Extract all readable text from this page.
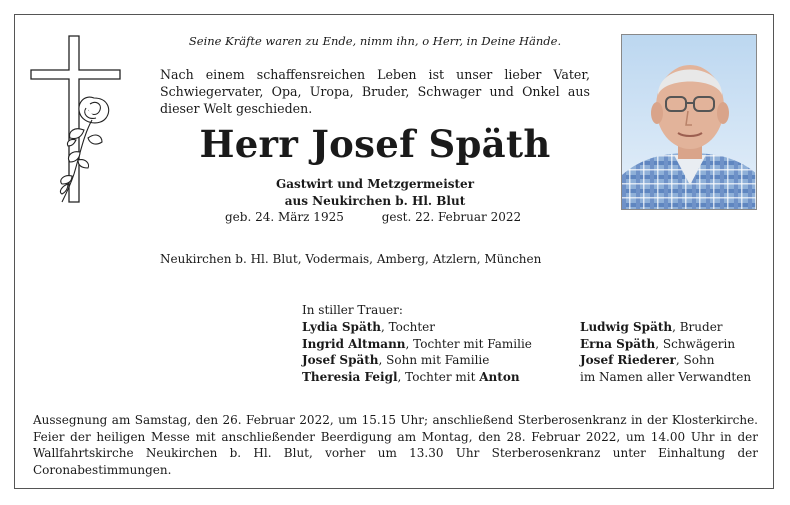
Seine Kräfte waren zu Ende, nimm ihn, o Herr, in Deine Hände.
Nach einem schaffensreichen Leben ist unser lieber Vater, Schwiegervater, Opa, Uropa, Bruder, Schwager und Onkel aus dieser Welt geschieden.
Herr Josef Späth
Gastwirt und Metzgermeister
aus Neukirchen b. Hl. Blut
geb. 24. März 1925	gest. 22. Februar 2022
Neukirchen b. Hl. Blut, Vodermais, Amberg, Atzlern, München
In stiller Trauer:
Lydia Späth, Tochter
Ingrid Altmann, Tochter mit Familie
Josef Späth, Sohn mit Familie
Theresia Feigl, Tochter mit Anton
Ludwig Späth, Bruder
Erna Späth, Schwägerin
Josef Riederer, Sohn
im Namen aller Verwandten
Aussegnung am Samstag, den 26. Februar 2022, um 15.15 Uhr; anschließend Sterberosenkranz in der Klosterkirche. Feier der heiligen Messe mit anschließender Beerdigung am Montag, den 28. Februar 2022, um 14.00 Uhr in der Wallfahrtskirche Neukirchen b. Hl. Blut, vorher um 13.30 Uhr Sterberosenkranz unter Einhaltung der Coronabestimmungen.
